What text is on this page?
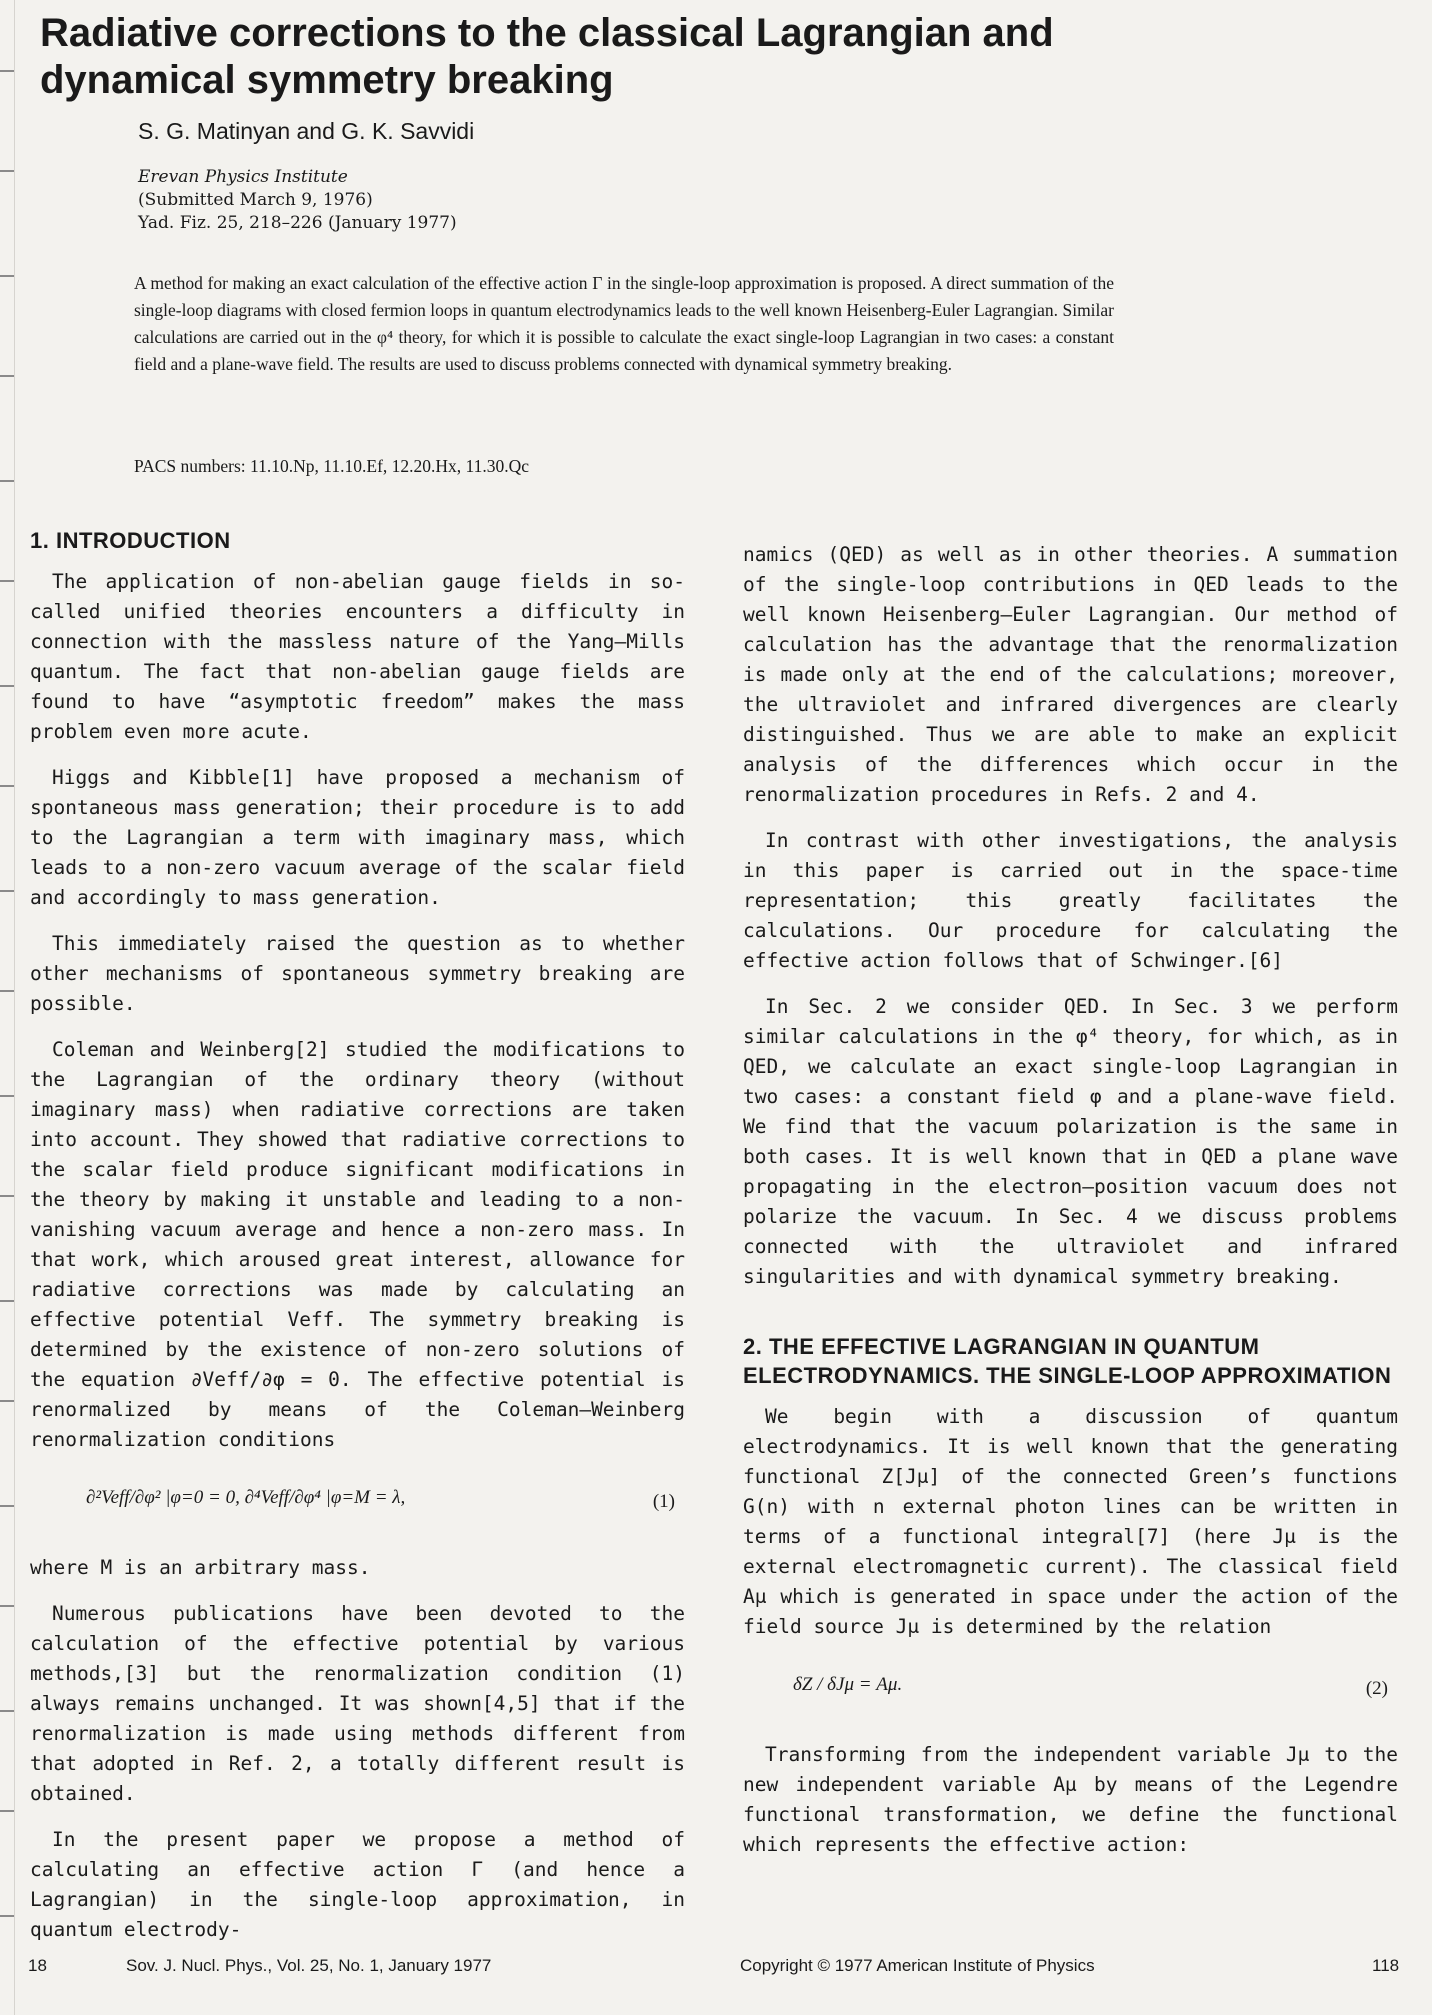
Radiative corrections to the classical Lagrangian and dynamical symmetry breaking
S. G. Matinyan and G. K. Savvidi
Erevan Physics Institute
(Submitted March 9, 1976)
Yad. Fiz. 25, 218–226 (January 1977)

A method for making an exact calculation of the effective action Γ in the single-loop approximation is proposed. A direct summation of the single-loop diagrams with closed fermion loops in quantum electrodynamics leads to the well known Heisenberg-Euler Lagrangian. Similar calculations are carried out in the φ⁴ theory, for which it is possible to calculate the exact single-loop Lagrangian in two cases: a constant field and a plane-wave field. The results are used to discuss problems connected with dynamical symmetry breaking.

PACS numbers: 11.10.Np, 11.10.Ef, 12.20.Hx, 11.30.Qc
1. INTRODUCTION

The application of non-abelian gauge fields in so-called unified theories encounters a difficulty in connection with the massless nature of the Yang–Mills quantum. The fact that non-abelian gauge fields are found to have “asymptotic freedom” makes the mass problem even more acute.

Higgs and Kibble[1] have proposed a mechanism of spontaneous mass generation; their procedure is to add to the Lagrangian a term with imaginary mass, which leads to a non-zero vacuum average of the scalar field and accordingly to mass generation.

This immediately raised the question as to whether other mechanisms of spontaneous symmetry breaking are possible.

Coleman and Weinberg[2] studied the modifications to the Lagrangian of the ordinary theory (without imaginary mass) when radiative corrections are taken into account. They showed that radiative corrections to the scalar field produce significant modifications in the theory by making it unstable and leading to a non-vanishing vacuum average and hence a non-zero mass. In that work, which aroused great interest, allowance for radiative corrections was made by calculating an effective potential Veff. The symmetry breaking is determined by the existence of non-zero solutions of the equation ∂Veff/∂φ = 0. The effective potential is renormalized by means of the Coleman–Weinberg renormalization conditions

∂²Veff/∂φ² |φ=0 = 0, ∂⁴Veff/∂φ⁴ |φ=M = λ,	(1)

where M is an arbitrary mass.

Numerous publications have been devoted to the calculation of the effective potential by various methods,[3] but the renormalization condition (1) always remains unchanged. It was shown[4,5] that if the renormalization is made using methods different from that adopted in Ref. 2, a totally different result is obtained.

In the present paper we propose a method of calculating an effective action Γ (and hence a Lagrangian) in the single-loop approximation, in quantum electrody-

namics (QED) as well as in other theories. A summation of the single-loop contributions in QED leads to the well known Heisenberg–Euler Lagrangian. Our method of calculation has the advantage that the renormalization is made only at the end of the calculations; moreover, the ultraviolet and infrared divergences are clearly distinguished. Thus we are able to make an explicit analysis of the differences which occur in the renormalization procedures in Refs. 2 and 4.

In contrast with other investigations, the analysis in this paper is carried out in the space-time representation; this greatly facilitates the calculations. Our procedure for calculating the effective action follows that of Schwinger.[6]

In Sec. 2 we consider QED. In Sec. 3 we perform similar calculations in the φ⁴ theory, for which, as in QED, we calculate an exact single-loop Lagrangian in two cases: a constant field φ and a plane-wave field. We find that the vacuum polarization is the same in both cases. It is well known that in QED a plane wave propagating in the electron–position vacuum does not polarize the vacuum. In Sec. 4 we discuss problems connected with the ultraviolet and infrared singularities and with dynamical symmetry breaking.

2. THE EFFECTIVE LAGRANGIAN IN QUANTUM ELECTRODYNAMICS. THE SINGLE-LOOP APPROXIMATION

We begin with a discussion of quantum electrodynamics. It is well known that the generating functional Z[Jμ] of the connected Green’s functions G(n) with n external photon lines can be written in terms of a functional integral[7] (here Jμ is the external electromagnetic current). The classical field Aμ which is generated in space under the action of the field source Jμ is determined by the relation

δZ / δJμ = Aμ.	(2)

Transforming from the independent variable Jμ to the new independent variable Aμ by means of the Legendre functional transformation, we define the functional which represents the effective action:

18	Sov. J. Nucl. Phys., Vol. 25, No. 1, January 1977	Copyright © 1977 American Institute of Physics	118
